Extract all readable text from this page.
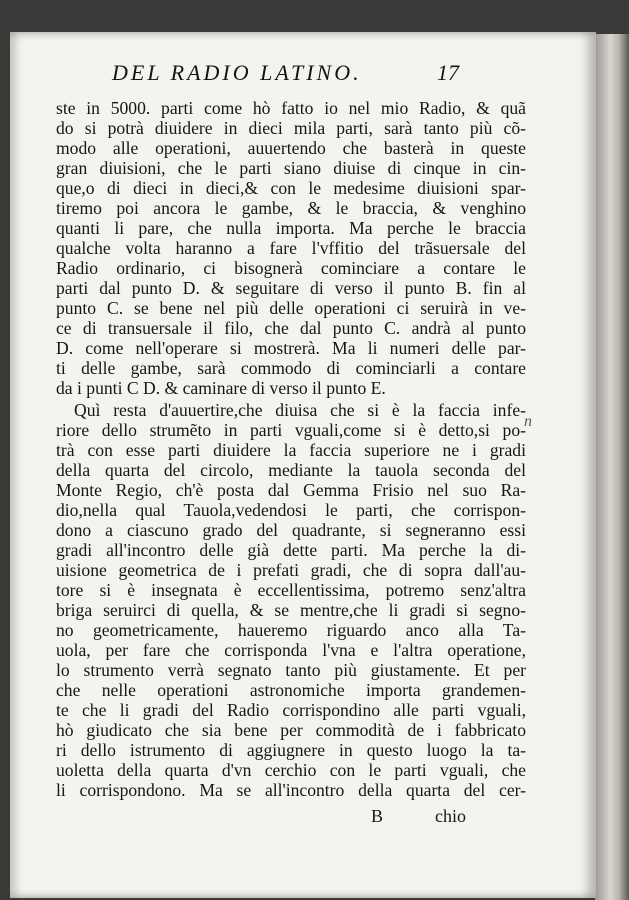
DEL RADIO LATINO.	17
ste in 5000. parti come hò fatto io nel mio Radio, & quã
do si potrà diuidere in dieci mila parti, sarà tanto più cõ-
modo alle operationi, auuertendo che basterà in queste
gran diuisioni, che le parti siano diuise di cinque in cin-
que,o di dieci in dieci,& con le medesime diuisioni spar-
tiremo poi ancora le gambe, & le braccia, & venghino
quanti li pare, che nulla importa. Ma perche le braccia
qualche volta haranno a fare l'vffitio del trãsuersale del
Radio ordinario, ci bisognerà cominciare a contare le
parti dal punto D. & seguitare di verso il punto B. fin al
punto C. se bene nel più delle operationi ci seruirà in ve-
ce di transuersale il filo, che dal punto C. andrà al punto
D. come nell'operare si mostrerà. Ma li numeri delle par-
ti delle gambe, sarà commodo di cominciarli a contare
da i punti C D. & caminare di verso il punto E.
Quì resta d'auuertire,che diuisa che si è la faccia infe-
riore dello strumẽto in parti vguali,come si è detto,si po-
trà con esse parti diuidere la faccia superiore ne i gradi
della quarta del circolo, mediante la tauola seconda del
Monte Regio, ch'è posta dal Gemma Frisio nel suo Ra-
dio,nella qual Tauola,vedendosi le parti, che corrispon-
dono a ciascuno grado del quadrante, si segneranno essi
gradi all'incontro delle già dette parti. Ma perche la di-
uisione geometrica de i prefati gradi, che di sopra dall'au-
tore si è insegnata è eccellentissima, potremo senz'altra
briga seruirci di quella, & se mentre,che li gradi si segno-
no geometricamente, haueremo riguardo anco alla Ta-
uola, per fare che corrisponda l'vna e l'altra operatione,
lo strumento verrà segnato tanto più giustamente. Et per
che nelle operationi astronomiche importa grandemen-
te che li gradi del Radio corrispondino alle parti vguali,
hò giudicato che sia bene per commodità de i fabbricato
ri dello istrumento di aggiugnere in questo luogo la ta-
uoletta della quarta d'vn cerchio con le parti vguali, che
li corrispondono. Ma se all'incontro della quarta del cer-
n
B	chio
